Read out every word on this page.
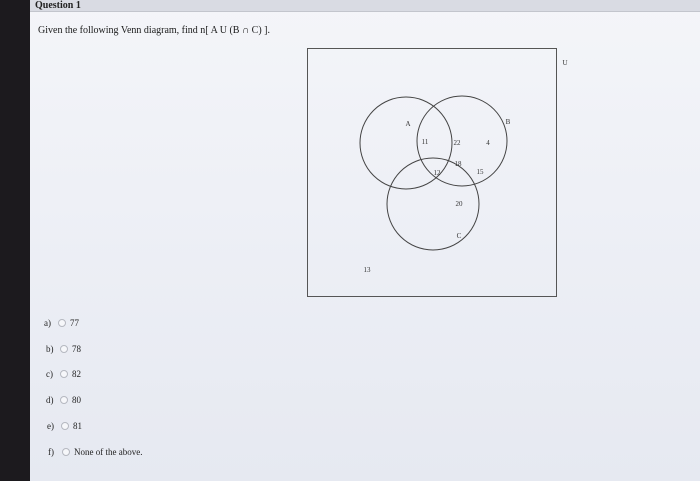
Question 1
Given the following Venn diagram, find n[ A U (B ∩ C) ].
U
A	B
C
11	22	4
18
12	15
20
13
a) 77
b) 78
c) 82
d) 80
e) 81
f) None of the above.
